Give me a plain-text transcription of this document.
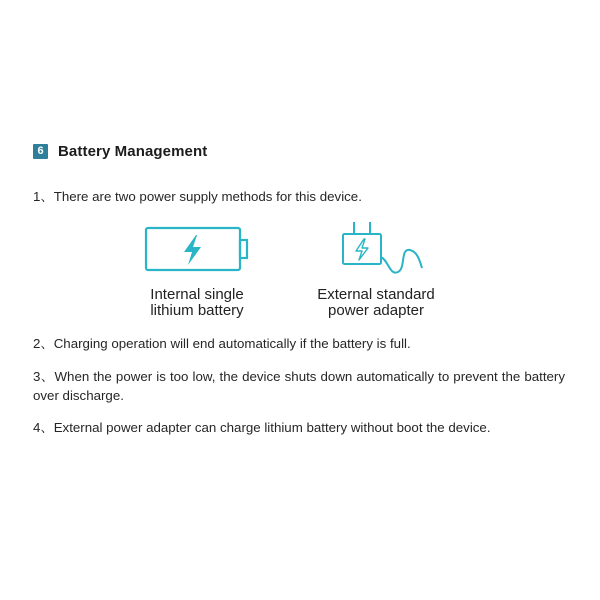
6 Battery Management
1、There are two power supply methods for this device.
Internal single
lithium battery
External standard
power adapter
2、Charging operation will end automatically if the battery is full.
3、When the power is too low, the device shuts down automatically to prevent the battery over discharge.
4、External power adapter can charge lithium battery without boot the device.
